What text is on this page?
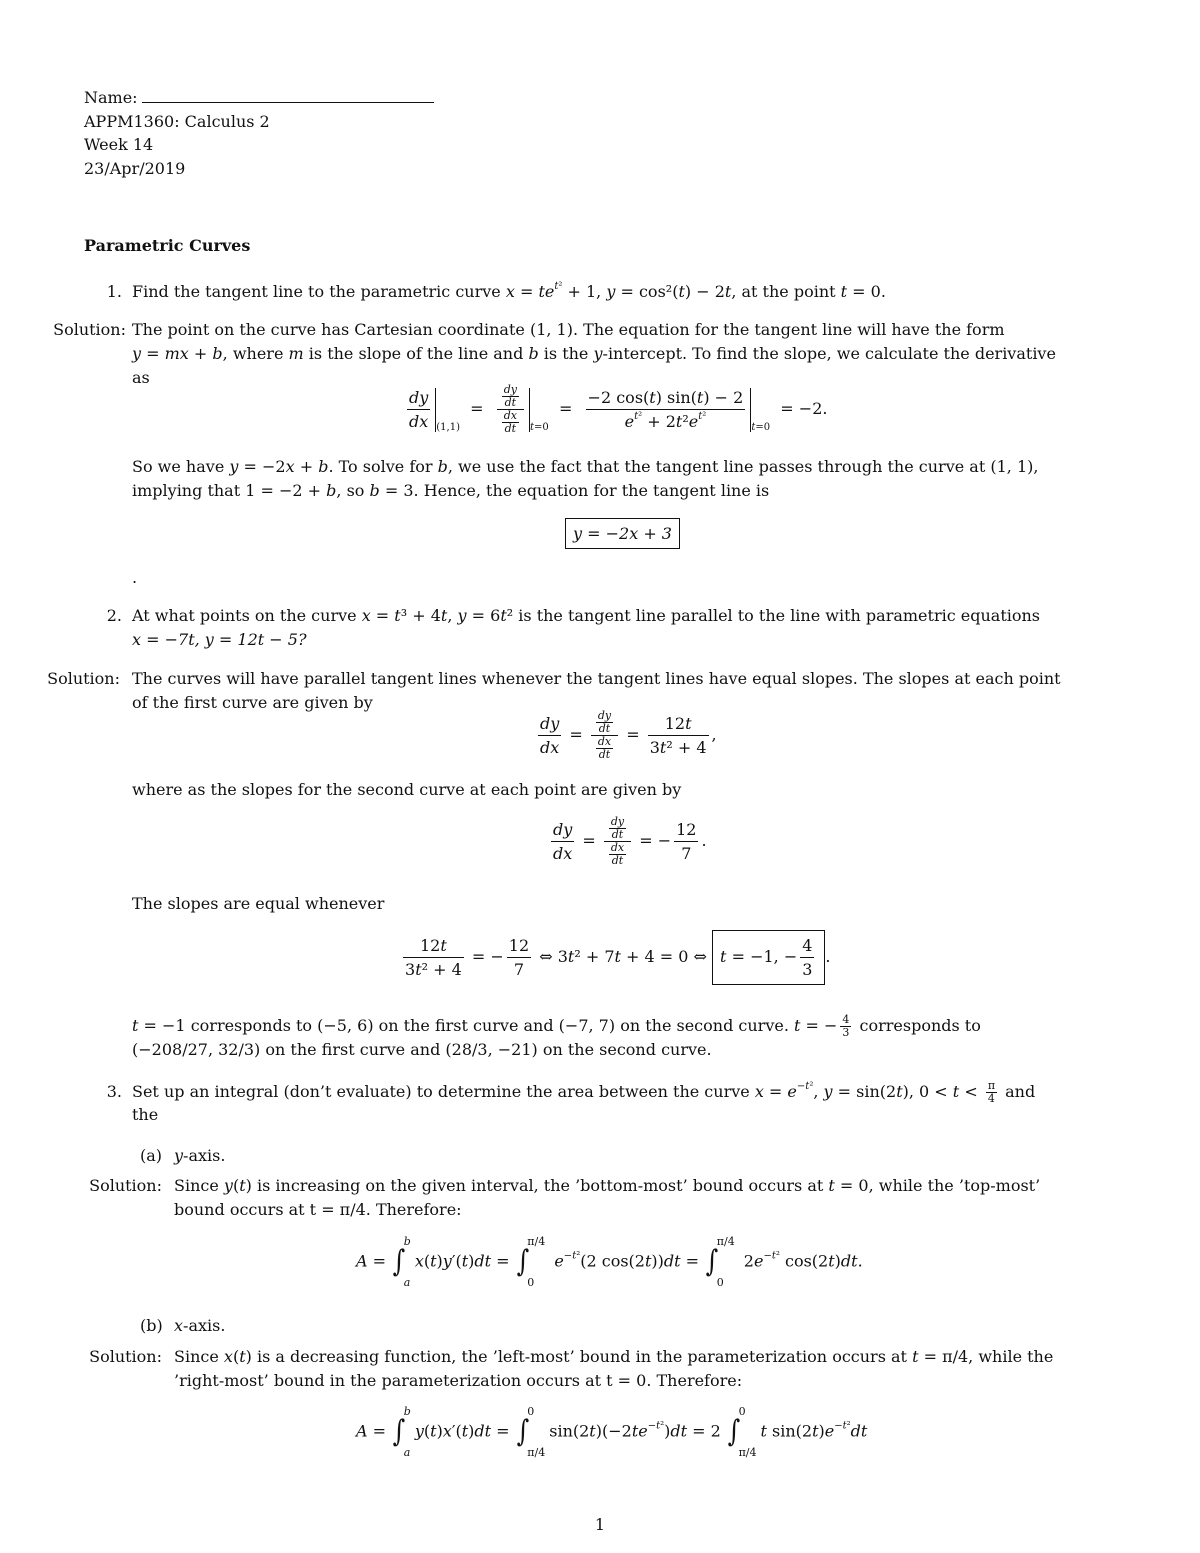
Name:
APPM1360: Calculus 2
Week 14
23/Apr/2019
Parametric Curves
1. Find the tangent line to the parametric curve $x = te^{t^2} + 1$, y = cos²(t) − 2t, at the point t = 0.
Solution: The point on the curve has Cartesian coordinate (1, 1). The equation for the tangent line will have the form
y = mx + b, where m is the slope of the line and b is the y-intercept. To find the slope, we calculate the derivative
as
$\frac{dy}{dx} _{(1,1)} = \frac{\frac{dy}{dt}}{\frac{dx}{dt}} _{t=0} = \frac{-2 \cos(t) \sin(t) - 2}{e^{t^2} + 2t^2e^{t^2}} _{t=0} = -2$.
So we have y = −2x + b. To solve for b, we use the fact that the tangent line passes through the curve at (1, 1),
implying that 1 = −2 + b, so b = 3. Hence, the equation for the tangent line is
y = −2x + 3
.
2. At what points on the curve x = t³ + 4t, y = 6t² is the tangent line parallel to the line with parametric equations
x = −7t, y = 12t − 5?
Solution: The curves will have parallel tangent lines whenever the tangent lines have equal slopes. The slopes at each point
of the first curve are given by
$\frac{dy}{dx} = \frac{\frac{dy}{dt}}{\frac{dx}{dt}} = \frac{12t}{\text{3t² + 4}}$ ,
where as the slopes for the second curve at each point are given by
$\frac{dy}{dx} = \frac{\frac{dy}{dt}}{\frac{dx}{dt}}$ = − $\frac{12}{7}$ .
The slopes are equal whenever
$\frac{12t}{\text{3t² + 4}}$ = − $\frac{12}{7}$ ⇔ 3t² + 7t + 4 = 0 ⇔ t = −1, − $\frac{4}{3}$ .
t = −1 corresponds to (−5, 6) on the first curve and (−7, 7) on the second curve. t = − $\frac{4}{3}$ corresponds to
(−208/27, 32/3) on the first curve and (28/3, −21) on the second curve.
3. Set up an integral (don’t evaluate) to determine the area between the curve $x = e^{-t^2}$, y = sin(2t), $0 < t < \frac{\pi}{4}$ and
the
(a) y-axis.
Solution: Since y(t) is increasing on the given interval, the ’bottom-most’ bound occurs at t = 0, while the ’top-most’
bound occurs at t = π/4. Therefore:
A = ∫
b
a
x(t)y′(t)dt = ∫
π/4
0
$e^{-t^2}(2$ cos(2t))dt = ∫
π/4
0
$2e^{-t^2}$ cos(2t)dt.
(b) x-axis.
Solution: Since x(t) is a decreasing function, the ’left-most’ bound in the parameterization occurs at t = π/4, while the
’right-most’ bound in the parameterization occurs at t = 0. Therefore:
A = ∫
b
a
y(t)x′(t)dt = ∫
0
π/4
$\sin(2t)(-2te^{-t^2})dt = 2$ ∫
0
π/4
t $\sin(2t)e^{-t^2}dt$
1
